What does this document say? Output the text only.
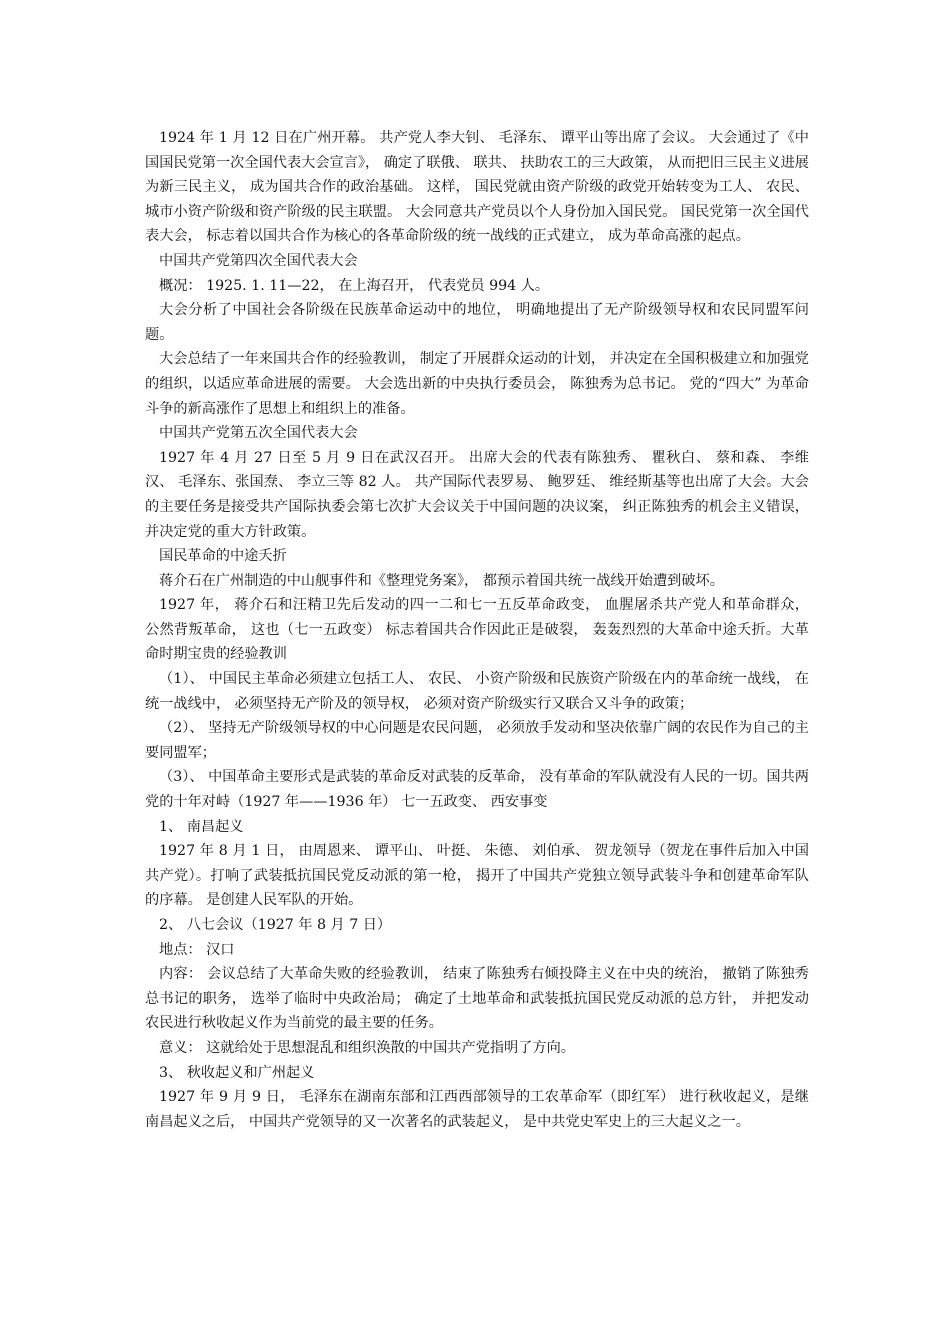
1924 年 1 月 12 日在广州开幕。 共产党人李大钊、 毛泽东、 谭平山等出席了会议。 大会通过了《中国国民党第一次全国代表大会宣言》， 确定了联俄、 联共、 扶助农工的三大政策， 从而把旧三民主义进展为新三民主义， 成为国共合作的政治基础。 这样， 国民党就由资产阶级的政党开始转变为工人、 农民、 城市小资产阶级和资产阶级的民主联盟。 大会同意共产党员以个人身份加入国民党。 国民党第一次全国代表大会， 标志着以国共合作为核心的各革命阶级的统一战线的正式建立， 成为革命高涨的起点。

中国共产党第四次全国代表大会

概况： 1925. 1. 11—22， 在上海召开， 代表党员 994 人。

大会分析了中国社会各阶级在民族革命运动中的地位， 明确地提出了无产阶级领导权和农民同盟军问题。

大会总结了一年来国共合作的经验教训， 制定了开展群众运动的计划， 并决定在全国积极建立和加强党的组织，以适应革命进展的需要。 大会选出新的中央执行委员会， 陈独秀为总书记。 党的“四大” 为革命斗争的新高涨作了思想上和组织上的准备。

中国共产党第五次全国代表大会

1927 年 4 月 27 日至 5 月 9 日在武汉召开。 出席大会的代表有陈独秀、 瞿秋白、 蔡和森、 李维汉、 毛泽东、张国焘、 李立三等 82 人。 共产国际代表罗易、 鲍罗廷、 维经斯基等也出席了大会。大会的主要任务是接受共产国际执委会第七次扩大会议关于中国问题的决议案， 纠正陈独秀的机会主义错误， 并决定党的重大方针政策。

国民革命的中途夭折

蒋介石在广州制造的中山舰事件和《整理党务案》， 都预示着国共统一战线开始遭到破坏。

1927 年， 蒋介石和汪精卫先后发动的四一二和七一五反革命政变， 血腥屠杀共产党人和革命群众， 公然背叛革命， 这也（七一五政变） 标志着国共合作因此正是破裂， 轰轰烈烈的大革命中途夭折。大革命时期宝贵的经验教训

（1）、 中国民主革命必须建立包括工人、 农民、 小资产阶级和民族资产阶级在内的革命统一战线， 在统一战线中， 必须坚持无产阶及的领导权， 必须对资产阶级实行又联合又斗争的政策；

（2）、 坚持无产阶级领导权的中心问题是农民问题， 必须放手发动和坚决依靠广阔的农民作为自己的主要同盟军；

（3）、 中国革命主要形式是武装的革命反对武装的反革命， 没有革命的军队就没有人民的一切。国共两党的十年对峙（1927 年——1936 年） 七一五政变、 西安事变

1、 南昌起义

1927 年 8 月 1 日， 由周恩来、 谭平山、 叶挺、 朱德、 刘伯承、 贺龙领导（贺龙在事件后加入中国共产党）。打响了武装抵抗国民党反动派的第一枪， 揭开了中国共产党独立领导武装斗争和创建革命军队的序幕。 是创建人民军队的开始。

2、 八七会议（1927 年 8 月 7 日）

地点： 汉口

内容： 会议总结了大革命失败的经验教训， 结束了陈独秀右倾投降主义在中央的统治， 撤销了陈独秀总书记的职务， 选举了临时中央政治局； 确定了土地革命和武装抵抗国民党反动派的总方针， 并把发动农民进行秋收起义作为当前党的最主要的任务。

意义： 这就给处于思想混乱和组织涣散的中国共产党指明了方向。

3、 秋收起义和广州起义

1927 年 9 月 9 日， 毛泽东在湖南东部和江西西部领导的工农革命军（即红军） 进行秋收起义，是继南昌起义之后， 中国共产党领导的又一次著名的武装起义， 是中共党史军史上的三大起义之一。
